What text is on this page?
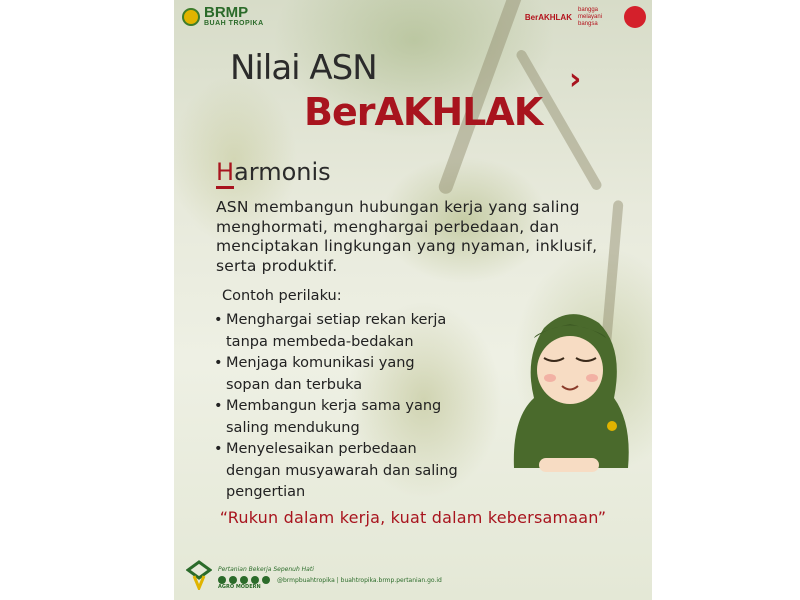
BRMP
BUAH TROPIKA
BerAKHLAK
bangga melayani bangsa
Nilai ASN
BerAKHLAK
›
Harmonis
ASN membangun hubungan kerja yang saling menghormati, menghargai perbedaan, dan menciptakan lingkungan yang nyaman, inklusif, serta produktif.
Contoh perilaku:
• Menghargai setiap rekan kerja
tanpa membeda-bedakan
• Menjaga komunikasi yang
sopan dan terbuka
• Membangun kerja sama yang
saling mendukung
• Menyelesaikan perbedaan
dengan musyawarah dan saling
pengertian
“Rukun dalam kerja, kuat dalam kebersamaan”
Pertanian Bekerja Sepenuh Hati
@brmpbuahtropika | buahtropika.brmp.pertanian.go.id
AGRO MODERN
